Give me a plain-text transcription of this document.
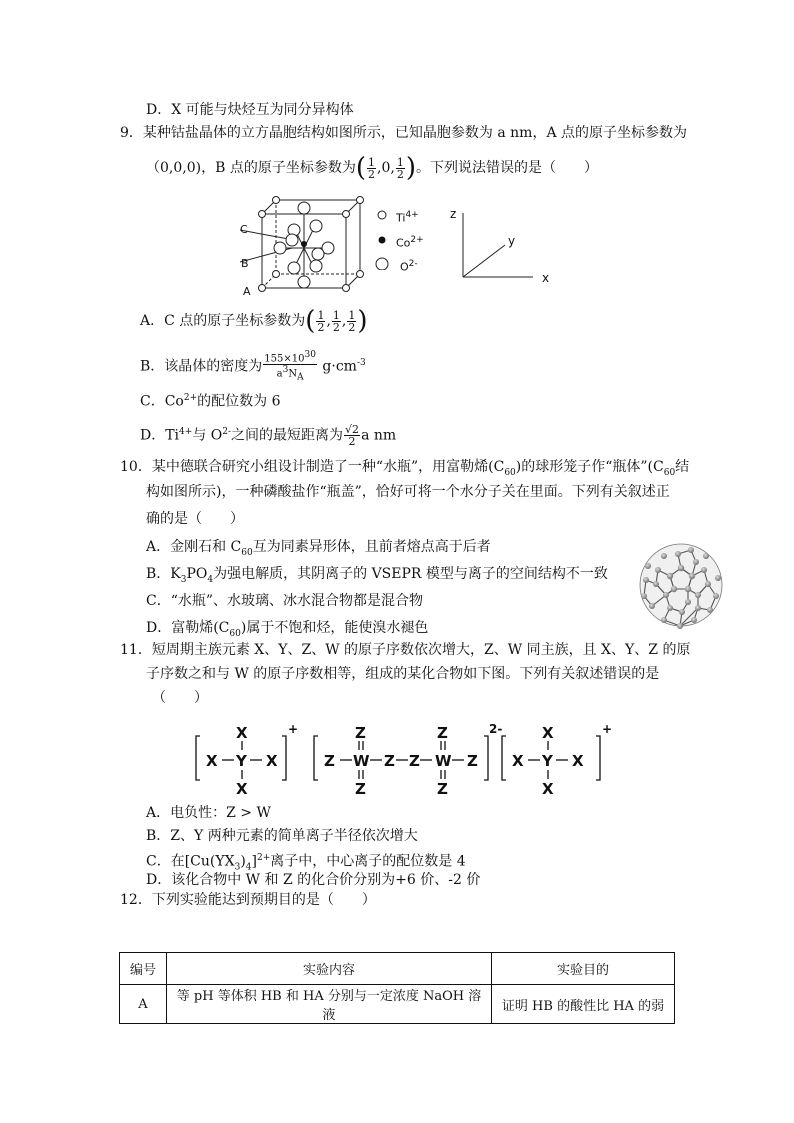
D．X 可能与炔烃互为同分异构体
9．某种钴盐晶体的立方晶胞结构如图所示，已知晶胞参数为 a nm，A 点的原子坐标参数为
（0,0,0)，B 点的原子坐标参数为( $\frac{1}{2} ,0$, $\frac{1}{2}$ )。下列说法错误的是（　　）
C
B
A
$Ti^{4+}$
$Co^{2+}$
$O^{2-}$
z
y
x
A．C 点的原子坐标参数为( $\frac{1}{2}$ , $\frac{1}{2}$ , $\frac{1}{2}$ )
B．该晶体的密度为 $\frac{155\times 10^{30}}{a^3N_A} g\cdot cm^{-3}$
C．$Co^{2+}$的配位数为 6
D．$Ti^{4+}$与 $O^{2-}$之间的最短距离为 $\frac{√2}{2}$ a nm
10．某中德联合研究小组设计制造了一种“水瓶”，用富勒烯$(C_{60})$的球形笼子作“瓶体$”(C_{60}$结
构如图所示)，一种磷酸盐作“瓶盖”，恰好可将一个水分子关在里面。下列有关叙述正
确的是（　　）
A．金刚石和 $C_{60}$互为同素异形体，且前者熔点高于后者
B．$K_3PO_4$为强电解质，其阴离子的 VSEPR 模型与离子的空间结构不一致
C．“水瓶”、水玻璃、冰水混合物都是混合物
D．富勒烯$(C_{60})$属于不饱和烃，能使溴水褪色
11．短周期主族元素 X、Y、Z、W 的原子序数依次增大，Z、W 同主族，且 X、Y、Z 的原
子序数之和与 W 的原子序数相等，组成的某化合物如下图。下列有关叙述错误的是
（　　）
X Y X
X
X
+
Z W
Z
Z
Z Z W
Z
Z
Z
2-
X Y X
X
X
+
A．电负性：Z > W
B．Z、Y 两种元素的简单离子半径依次增大
C．在$[Cu(YX_3)_4]^{2+}$离子中，中心离子的配位数是 4
D．该化合物中 W 和 Z 的化合价分别为+6 价、-2 价
12．下列实验能达到预期目的是（　　）
编号	实验内容	实验目的
A	等 pH 等体积 HB 和 HA 分别与一定浓度 NaOH 溶液	证明 HB 的酸性比 HA 的弱
